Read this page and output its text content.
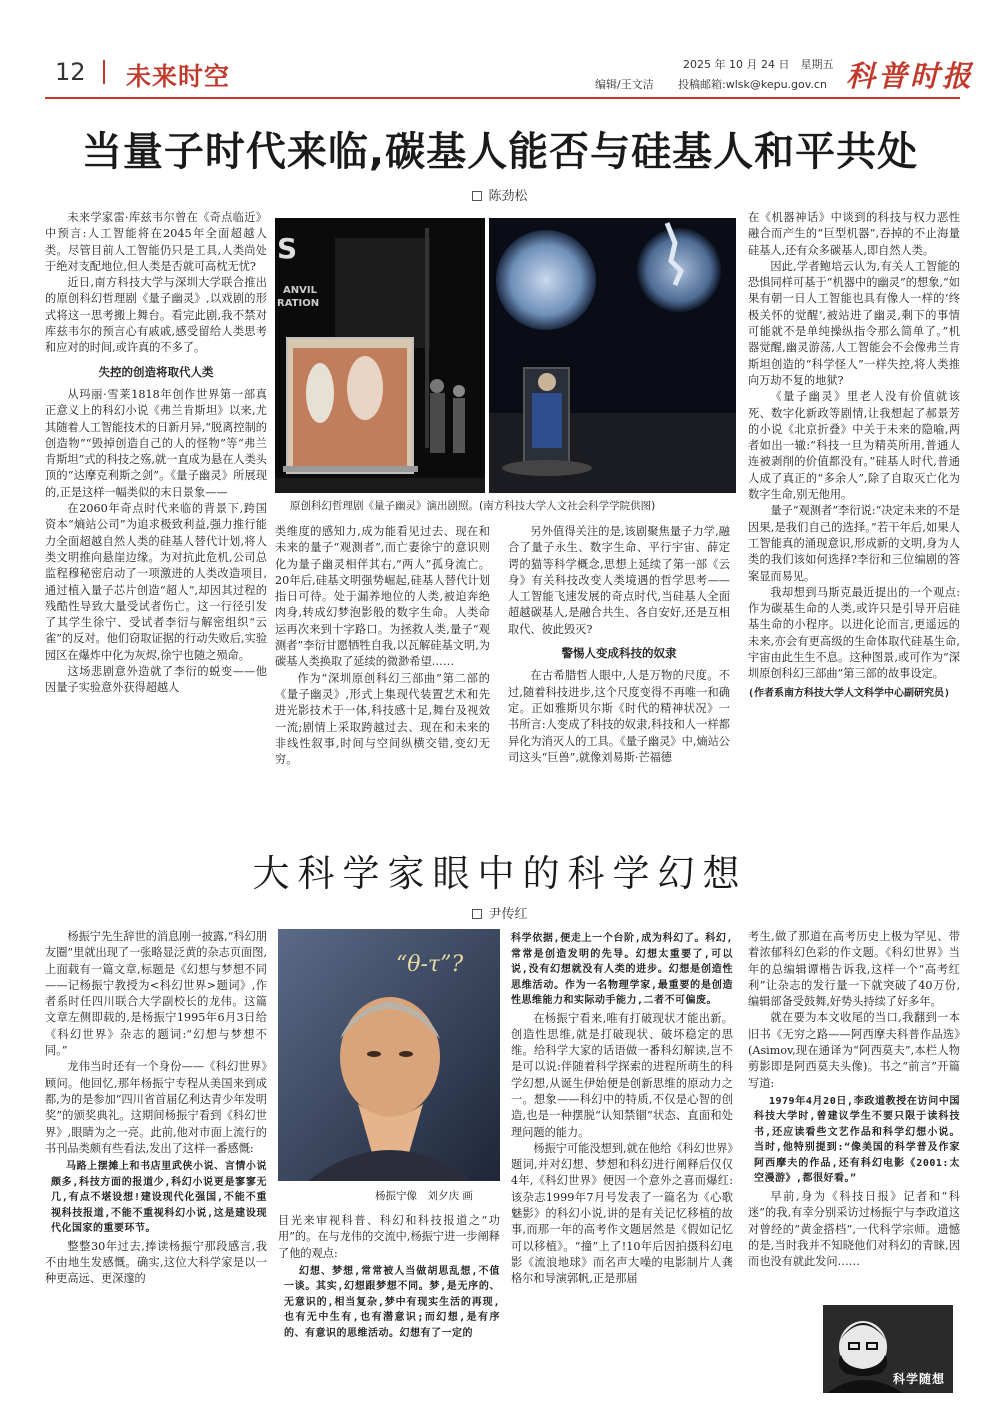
12 未来时空	2025 年 10 月 24 日　星期五
编辑/王文洁 投稿邮箱:wlsk@kepu.gov.cn 科普时报
当量子时代来临,碳基人能否与硅基人和平共处
陈劲松

未来学家雷·库兹韦尔曾在《奇点临近》中预言:人工智能将在2045年全面超越人类。尽管目前人工智能仍只是工具,人类尚处于绝对支配地位,但人类是否就可高枕无忧?

近日,南方科技大学与深圳大学联合推出的原创科幻哲理剧《量子幽灵》,以戏剧的形式将这一思考搬上舞台。看完此剧,我不禁对库兹韦尔的预言心有戚戚,感受留给人类思考和应对的时间,或许真的不多了。

失控的创造将取代人类

从玛丽·雪莱1818年创作世界第一部真正意义上的科幻小说《弗兰肯斯坦》以来,尤其随着人工智能技术的日新月异,“脱离控制的创造物”“毁掉创造自己的人的怪物”等“弗兰肯斯坦”式的科技之殇,就一直成为悬在人类头顶的“达摩克利斯之剑”。《量子幽灵》所展现的,正是这样一幅类似的末日景象——

在2060年奇点时代来临的背景下,跨国资本“熵站公司”为追求极致利益,强力推行能力全面超越自然人类的硅基人替代计划,将人类文明推向悬崖边缘。为对抗此危机,公司总监程穆秘密启动了一项激进的人类改造项目,通过植入量子芯片创造“超人”,却因其过程的残酷性导致大量受试者伤亡。这一行径引发了其学生徐宁、受试者李衍与解密组织“云雀”的反对。他们窃取证据的行动失败后,实验园区在爆炸中化为灰烬,徐宁也随之殒命。

这场悲剧意外造就了李衍的蜕变——他因量子实验意外获得超越人

S
ANVIL
RATION
原创科幻哲理剧《量子幽灵》演出剧照。(南方科技大学人文社会科学学院供图)

类维度的感知力,成为能看见过去、现在和未来的量子“观测者”,而亡妻徐宁的意识则化为量子幽灵相伴其右,“两人”孤身流亡。20年后,硅基文明强势崛起,硅基人替代计划指日可待。处于漏养地位的人类,被迫奔绝肉身,转成幻梦泡影般的数字生命。人类命运再次来到十字路口。为拯救人类,量子“观测者”李衍甘愿牺牲自我,以瓦解硅基文明,为碳基人类换取了延续的微渺希望……

作为“深圳原创科幻三部曲”第二部的《量子幽灵》,形式上集现代装置艺术和先进光影技术于一体,科技感十足,舞台及视效一流;剧情上采取跨越过去、现在和未来的非线性叙事,时间与空间纵横交错,变幻无穷。

另外值得关注的是,该剧聚焦量子力学,融合了量子永生、数字生命、平行宇宙、薛定谔的猫等科学概念,思想上延续了第一部《云身》有关科技改变人类境遇的哲学思考——人工智能飞速发展的奇点时代,当硅基人全面超越碳基人,是融合共生、各自安好,还是互相取代、彼此毁灭?

警惕人变成科技的奴隶

在古希腊哲人眼中,人是万物的尺度。不过,随着科技进步,这个尺度变得不再唯一和确定。正如雅斯贝尔斯《时代的精神状况》一书所言:人变成了科技的奴隶,科技和人一样都异化为消灭人的工具。《量子幽灵》中,熵站公司这头“巨兽”,就像刘易斯·芒福德

在《机器神话》中谈到的科技与权力恶性融合而产生的“巨型机器”,吞掉的不止海量硅基人,还有众多碳基人,即自然人类。

因此,学者鲍培云认为,有关人工智能的恐惧同样可基于“机器中的幽灵”的想象,“如果有朝一日人工智能也具有像人一样的‘终极关怀的觉醒’,被站进了幽灵,剩下的事情可能就不是单纯操纵指令那么简单了。”机器觉醒,幽灵游荡,人工智能会不会像弗兰肯斯坦创造的“科学怪人”一样失控,将人类推向万劫不复的地狱?

《量子幽灵》里老人没有价值就该死、数字化新政等剧情,让我想起了郝景芳的小说《北京折叠》中关于未来的隐喻,两者如出一辙:“科技一旦为精英所用,普通人连被剥削的价值都没有。”硅基人时代,普通人成了真正的“多余人”,除了自取灭亡化为数字生命,别无他用。

量子“观测者”李衍说:“决定未来的不是因果,是我们自己的选择。”若干年后,如果人工智能真的涌现意识,形成新的文明,身为人类的我们该如何选择?李衍和三位编剧的答案显而易见。

我却想到马斯克最近提出的一个观点:作为碳基生命的人类,或许只是引导开启硅基生命的小程序。以进化论而言,更遥远的未来,亦会有更高级的生命体取代硅基生命,宇宙由此生生不息。这种图景,或可作为“深圳原创科幻三部曲”第三部的故事设定。

(作者系南方科技大学人文科学中心副研究员)
大科学家眼中的科学幻想
尹传红

杨振宁先生辞世的消息刚一披露,“科幻朋友圈”里就出现了一张略显泛黄的杂志页面图,上面载有一篇文章,标题是《幻想与梦想不同——记杨振宁教授为<科幻世界>题词》,作者系时任四川联合大学副校长的龙伟。这篇文章左侧即载的,是杨振宁1995年6月3日给《科幻世界》杂志的题词:“幻想与梦想不同。”

龙伟当时还有一个身份——《科幻世界》顾问。他回忆,那年杨振宁专程从美国来到成都,为的是参加“四川省首届亿利达青少年发明奖”的颁奖典礼。这期间杨振宁看到《科幻世界》,眼睛为之一亮。此前,他对市面上流行的书刊品类颇有些看法,发出了这样一番感慨:

马路上摆摊上和书店里武侠小说、言情小说颇多,科技方面的报道少,科幻小说更是寥寥无几,有点不堪设想!建设现代化强国,不能不重视科技报道,不能不重视科幻小说,这是建设现代化国家的重要环节。

整整30年过去,捧读杨振宁那段感言,我不由地生发感慨。确实,这位大科学家是以一种更高远、更深邃的

“θ-τ”?
杨振宁像　刘夕庆 画

目光来审视科普、科幻和科技报道之“功用”的。在与龙伟的交流中,杨振宁进一步阐释了他的观点:

幻想、梦想,常常被人当做胡思乱想,不值一谈。其实,幻想跟梦想不同。梦,是无序的、无意识的,相当复杂,梦中有现实生活的再现,也有无中生有,也有潜意识;而幻想,是有序的、有意识的思维活动。幻想有了一定的
科学依据,便走上一个台阶,成为科幻了。科幻,常常是创造发明的先导。幻想太重要了,可以说,没有幻想就没有人类的进步。幻想是创造性思维活动。作为一名物理学家,最重要的是创造性思维能力和实际动手能力,二者不可偏废。

在杨振宁看来,唯有打破现状才能出新。创造性思维,就是打破现状、破坏稳定的思维。给科学大家的话语做一番科幻解读,岂不是可以说:伴随着科学探索的进程所萌生的科学幻想,从诞生伊始便是创新思维的原动力之一。想象——科幻中的特质,不仅是心智的创造,也是一种摆脱“认知禁锢”状态、直面和处理问题的能力。

杨振宁可能没想到,就在他给《科幻世界》题词,并对幻想、梦想和科幻进行阐释后仅仅4年,《科幻世界》便因一个意外之喜而爆红:该杂志1999年7月号发表了一篇名为《心歌魅影》的科幻小说,讲的是有关记忆移植的故事,而那一年的高考作文题居然是《假如记忆可以移植》。“撞”上了!10年后因拍摄科幻电影《流浪地球》而名声大噪的电影制片人龚格尔和导演郭帆,正是那届

考生,做了那道在高考历史上极为罕见、带着浓郁科幻色彩的作文题。《科幻世界》当年的总编辑谭楷告诉我,这样一个“高考红利”让杂志的发行量一下就突破了40万份,编辑部备受鼓舞,好势头持续了好多年。

就在要为本文收尾的当口,我翻到一本旧书《无穷之路——阿西摩夫科普作品选》(Asimov,现在通译为“阿西莫夫”,本栏人物剪影即是阿西莫夫头像)。书之“前言”开篇写道:

1979年4月20日,李政道教授在访问中国科技大学时,曾建议学生不要只限于读科技书,还应读看些文艺作品和科学幻想小说。当时,他特别提到:“像美国的科学普及作家阿西摩夫的作品,还有科幻电影《2001:太空漫游》,都很好看。”

早前,身为《科技日报》记者和“科迷”的我,有幸分别采访过杨振宁与李政道这对曾经的“黄金搭档”,一代科学宗师。遗憾的是,当时我并不知晓他们对科幻的青睐,因而也没有就此发问……

科学随想
